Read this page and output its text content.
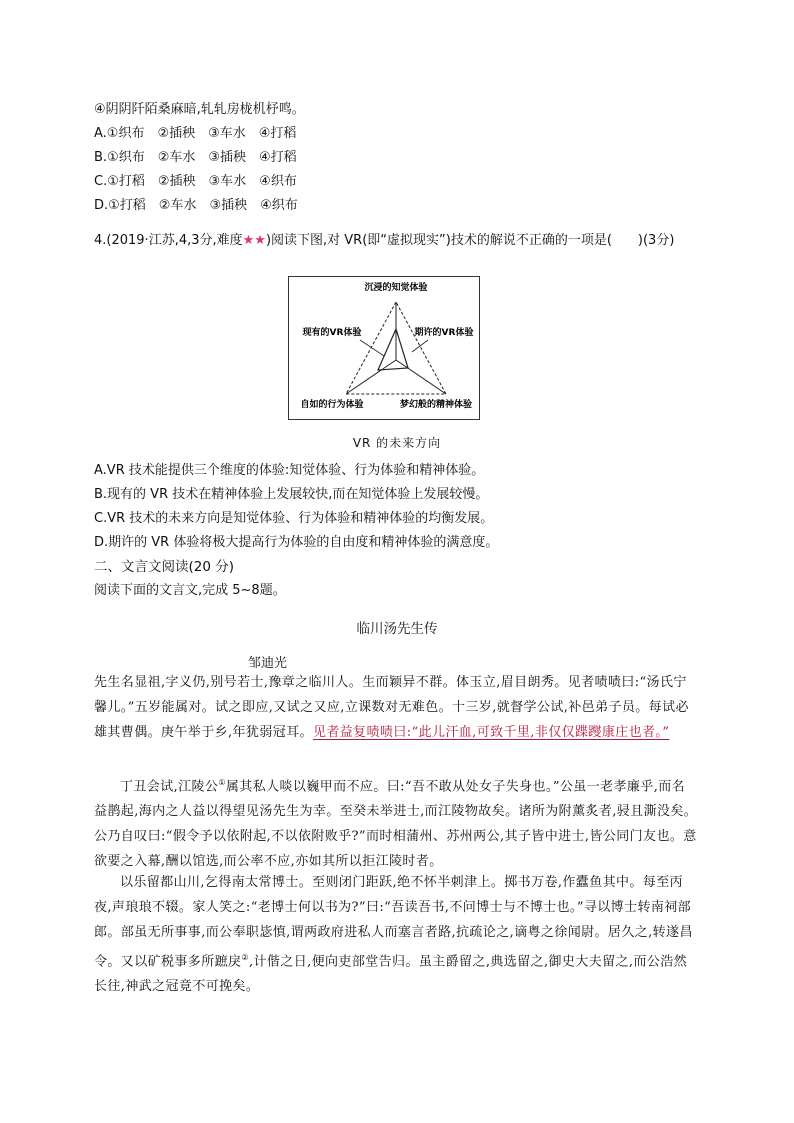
④阴阴阡陌桑麻暗,轧轧房栊机杼鸣。
A.①织布　②插秧　③车水　④打稻
B.①织布　②车水　③插秧　④打稻
C.①打稻　②插秧　③车水　④织布
D.①打稻　②车水　③插秧　④织布
4.(2019·江苏,4,3分,难度★★)阅读下图,对 VR(即“虚拟现实”)技术的解说不正确的一项是(　　)(3分)
沉浸的知觉体验
现有的VR体验	期许的VR体验
自如的行为体验	梦幻般的精神体验
VR 的未来方向
A.VR 技术能提供三个维度的体验:知觉体验、行为体验和精神体验。
B.现有的 VR 技术在精神体验上发展较快,而在知觉体验上发展较慢。
C.VR 技术的未来方向是知觉体验、行为体验和精神体验的均衡发展。
D.期许的 VR 体验将极大提高行为体验的自由度和精神体验的满意度。
二、文言文阅读(20 分)
阅读下面的文言文,完成 5~8题。
临川汤先生传
邹迪光
先生名显祖,字义仍,别号若士,豫章之临川人。生而颖异不群。体玉立,眉目朗秀。见者啧啧曰:“汤氏宁馨儿。”五岁能属对。试之即应,又试之又应,立课数对无难色。十三岁,就督学公试,补邑弟子员。每试必雄其曹偶。庚午举于乡,年犹弱冠耳。见者益复啧啧曰:“此儿汗血,可致千里,非仅仅蹀躞康庄也者。”
丁丑会试,江陵公①属其私人啖以巍甲而不应。曰:“吾不敢从处女子失身也。”公虽一老孝廉乎,而名益鹊起,海内之人益以得望见汤先生为幸。至癸未举进士,而江陵物故矣。诸所为附薰炙者,骎且澌没矣。公乃自叹曰:“假令予以依附起,不以依附败乎?”而时相蒲州、苏州两公,其子皆中进士,皆公同门友也。意欲要之入幕,酬以馆选,而公率不应,亦如其所以拒江陵时者。
以乐留都山川,乞得南太常博士。至则闭门距跃,绝不怀半刺津上。掷书万卷,作蠹鱼其中。每至丙夜,声琅琅不辍。家人笑之:“老博士何以书为?”曰:“吾读吾书,不问博士与不博士也。”寻以博士转南祠部郎。部虽无所事事,而公奉职毖慎,谓两政府进私人而塞言者路,抗疏论之,谪粤之徐闻尉。居久之,转遂昌令。又以矿税事多所蹠戾②,计偕之日,便向吏部堂告归。虽主爵留之,典选留之,御史大夫留之,而公浩然长往,神武之冠竟不可挽矣。
